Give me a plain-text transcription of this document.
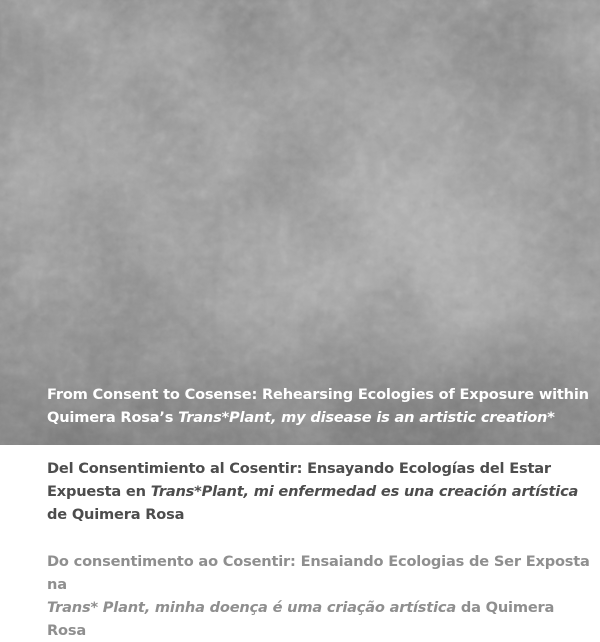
From Consent to Cosense: Rehearsing Ecologies of Exposure within
Quimera Rosa’s Trans*Plant, my disease is an artistic creation*

Del Consentimiento al Cosentir: Ensayando Ecologías del Estar
Expuesta en Trans*Plant, mi enfermedad es una creación artística
de Quimera Rosa

Do consentimento ao Cosentir: Ensaiando Ecologias de Ser Exposta na
Trans* Plant, minha doença é uma criação artística da Quimera Rosa
